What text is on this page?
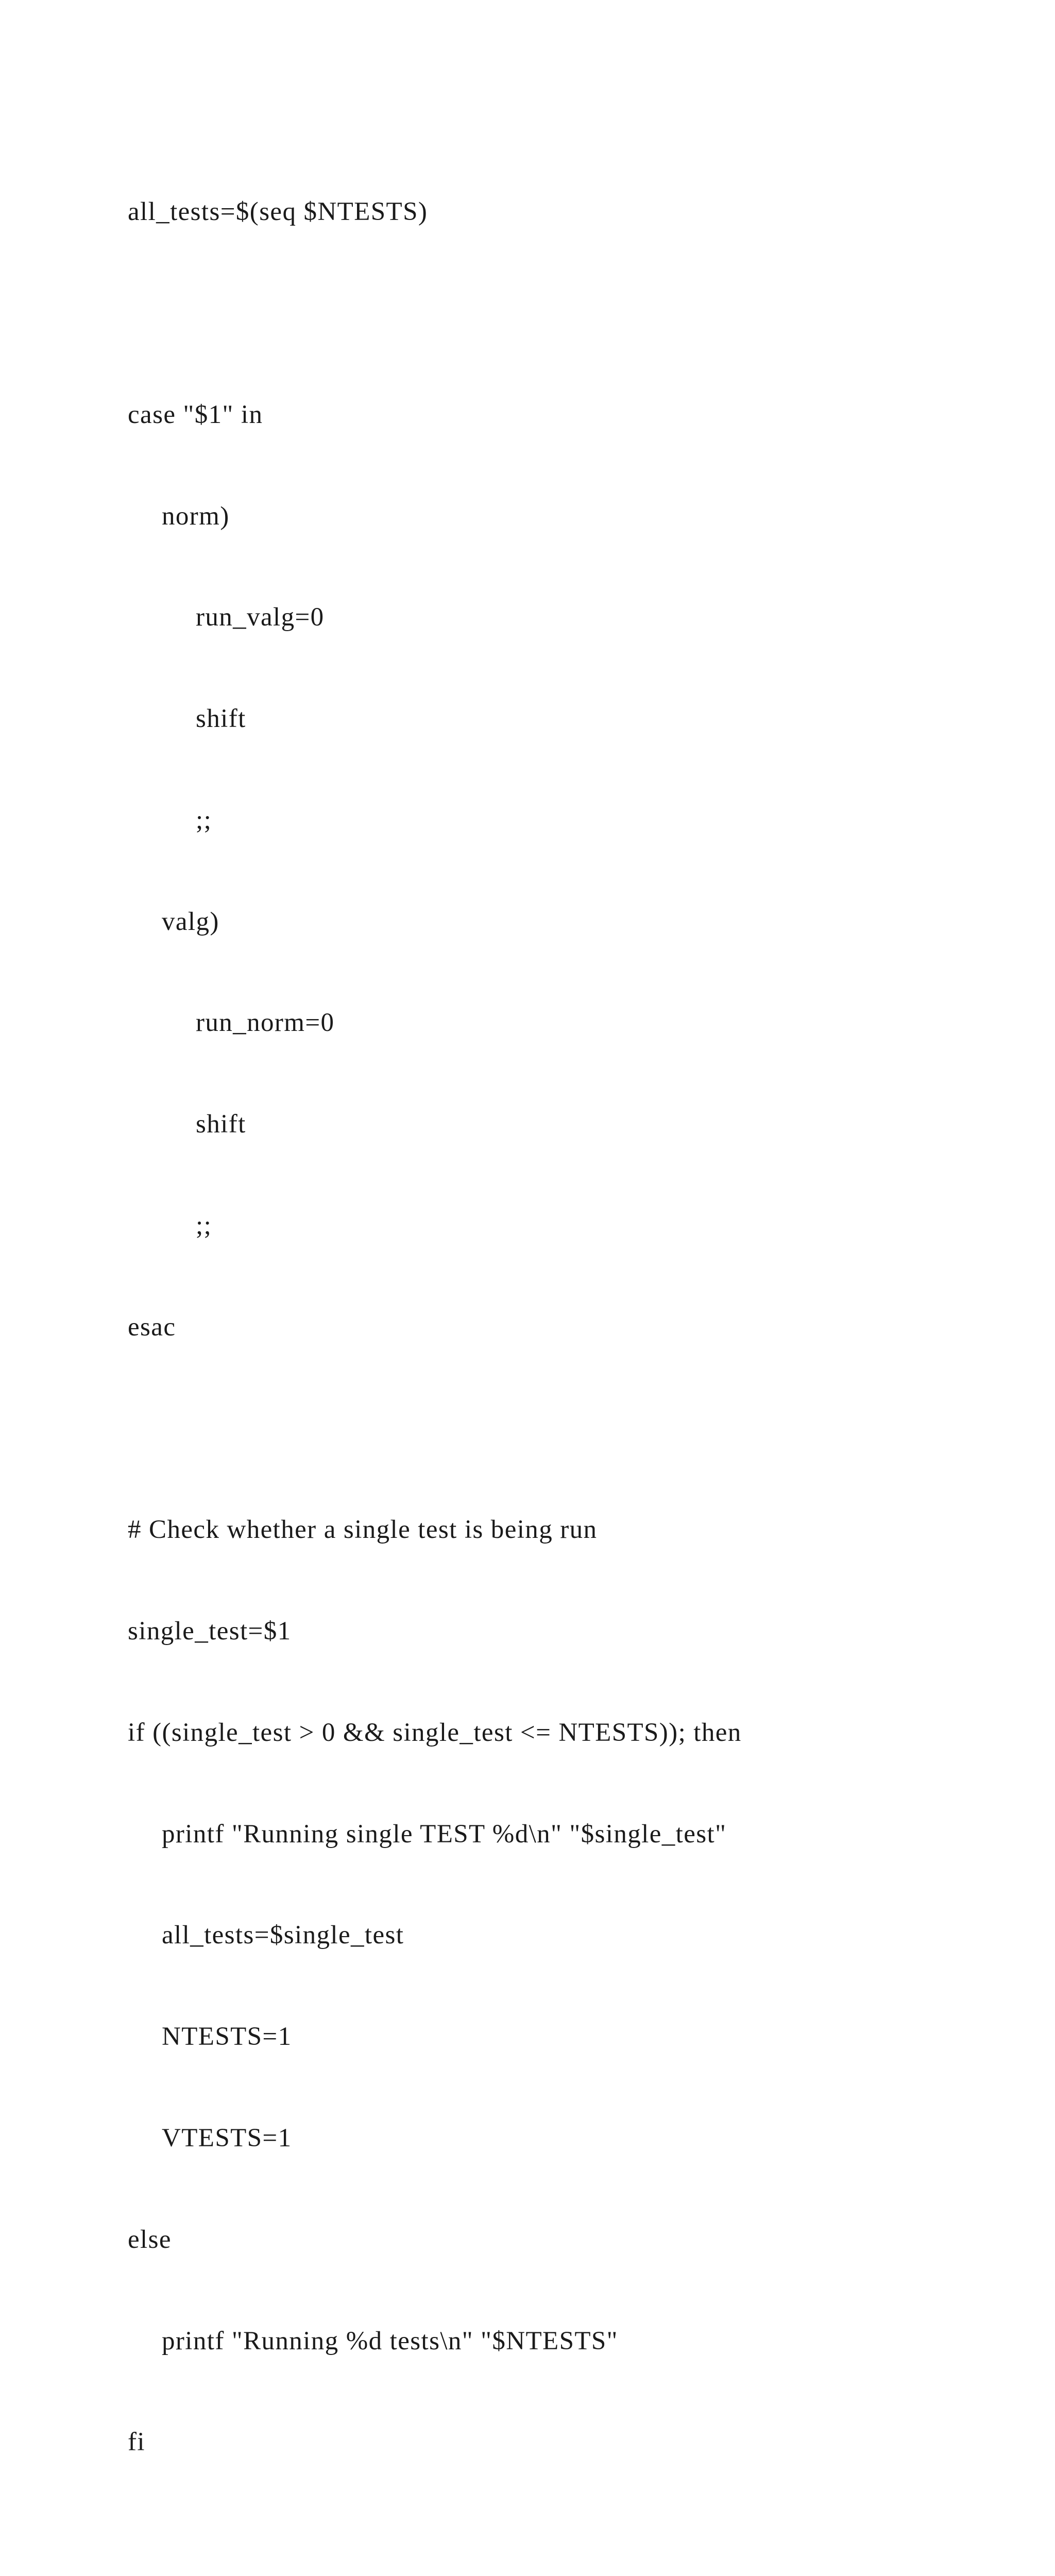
all_tests=$(seq $NTESTS)

case "$1" in

norm)

run_valg=0

shift

;;

valg)

run_norm=0

shift

;;

esac

# Check whether a single test is being run

single_test=$1

if ((single_test > 0 && single_test <= NTESTS)); then

printf "Running single TEST %d\n" "$single_test"

all_tests=$single_test

NTESTS=1

VTESTS=1

else

printf "Running %d tests\n" "$NTESTS"

fi
